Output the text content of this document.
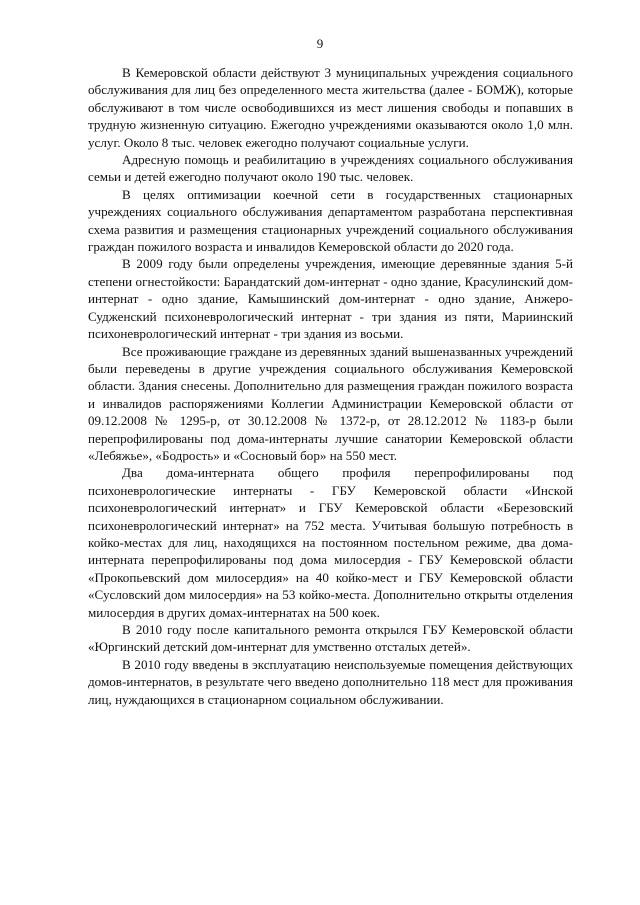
9

В Кемеровской области действуют 3 муниципальных учреждения социального обслуживания для лиц без определенного места жительства (далее - БОМЖ), которые обслуживают в том числе освободившихся из мест лишения свободы и попавших в трудную жизненную ситуацию. Ежегодно учреждениями оказываются около 1,0 млн. услуг. Около 8 тыс. человек ежегодно получают социальные услуги.

Адресную помощь и реабилитацию в учреждениях социального обслуживания семьи и детей ежегодно получают около 190 тыс. человек.

В целях оптимизации коечной сети в государственных стационарных учреждениях социального обслуживания департаментом разработана перспективная схема развития и размещения стационарных учреждений социального обслуживания граждан пожилого возраста и инвалидов Кемеровской области до 2020 года.

В 2009 году были определены учреждения, имеющие деревянные здания 5-й степени огнестойкости: Барандатский дом-интернат - одно здание, Красулинский дом-интернат - одно здание, Камышинский дом-интернат - одно здание, Анжеро-Судженский психоневрологический интернат - три здания из пяти, Мариинский психоневрологический интернат - три здания из восьми.

Все проживающие граждане из деревянных зданий вышеназванных учреждений были переведены в другие учреждения социального обслуживания Кемеровской области. Здания снесены. Дополнительно для размещения граждан пожилого возраста и инвалидов распоряжениями Коллегии Администрации Кемеровской области от 09.12.2008 № 1295-р, от 30.12.2008 № 1372-р, от 28.12.2012 № 1183-р были перепрофилированы под дома-интернаты лучшие санатории Кемеровской области «Лебяжье», «Бодрость» и «Сосновый бор» на 550 мест.

Два дома-интерната общего профиля перепрофилированы под психоневрологические интернаты - ГБУ Кемеровской области «Инской психоневрологический интернат» и ГБУ Кемеровской области «Березовский психоневрологический интернат» на 752 места. Учитывая большую потребность в койко-местах для лиц, находящихся на постоянном постельном режиме, два дома-интерната перепрофилированы под дома милосердия - ГБУ Кемеровской области «Прокопьевский дом милосердия» на 40 койко-мест и ГБУ Кемеровской области «Сусловский дом милосердия» на 53 койко-места. Дополнительно открыты отделения милосердия в других домах-интернатах на 500 коек.

В 2010 году после капитального ремонта открылся ГБУ Кемеровской области «Юргинский детский дом-интернат для умственно отсталых детей».

В 2010 году введены в эксплуатацию неиспользуемые помещения действующих домов-интернатов, в результате чего введено дополнительно 118 мест для проживания лиц, нуждающихся в стационарном социальном обслуживании.
